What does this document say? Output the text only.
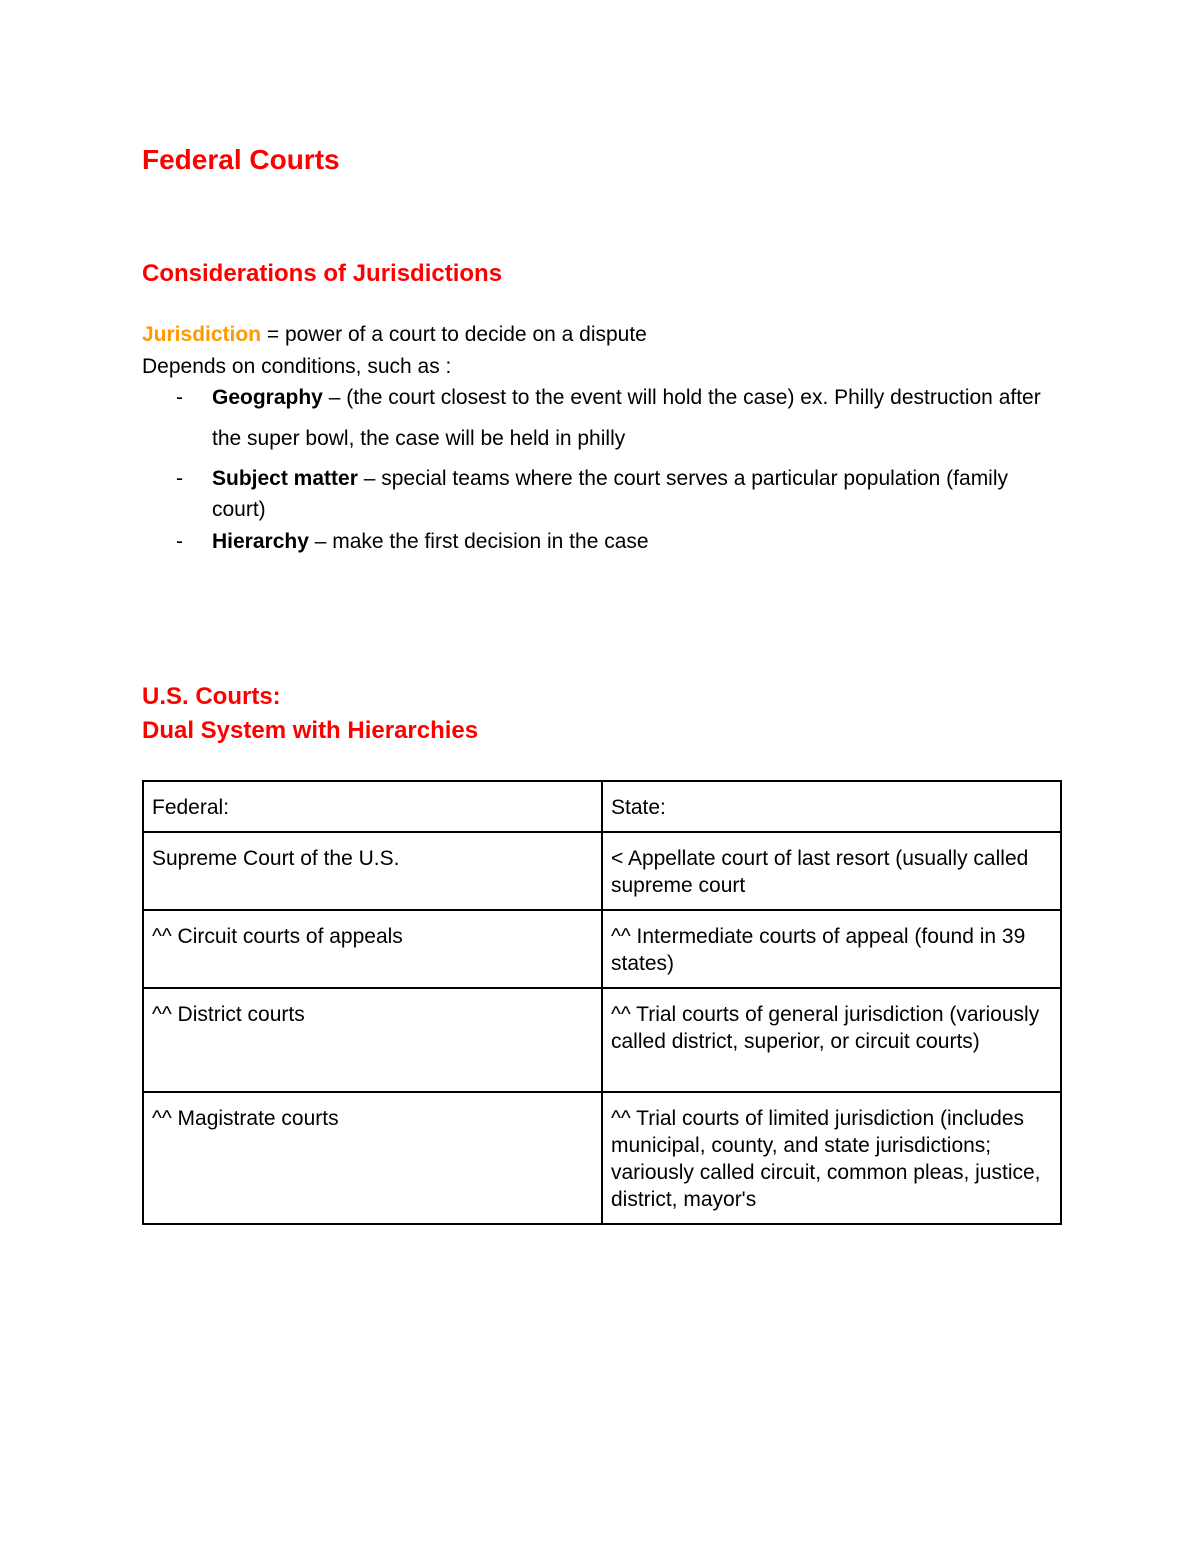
Federal Courts
Considerations of Jurisdictions
Jurisdiction = power of a court to decide on a dispute
Depends on conditions, such as :
- Geography – (the court closest to the event will hold the case) ex. Philly destruction after the super bowl, the case will be held in philly
- Subject matter – special teams where the court serves a particular population (family court)
- Hierarchy – make the first decision in the case
U.S. Courts:
Dual System with Hierarchies
Federal:	State:
Supreme Court of the U.S.	< Appellate court of last resort (usually called supreme court
^^ Circuit courts of appeals	^^ Intermediate courts of appeal (found in 39 states)
^^ District courts	^^ Trial courts of general jurisdiction (variously called district, superior, or circuit courts)
^^ Magistrate courts	^^ Trial courts of limited jurisdiction (includes municipal, county, and state jurisdictions; variously called circuit, common pleas, justice, district, mayor's
